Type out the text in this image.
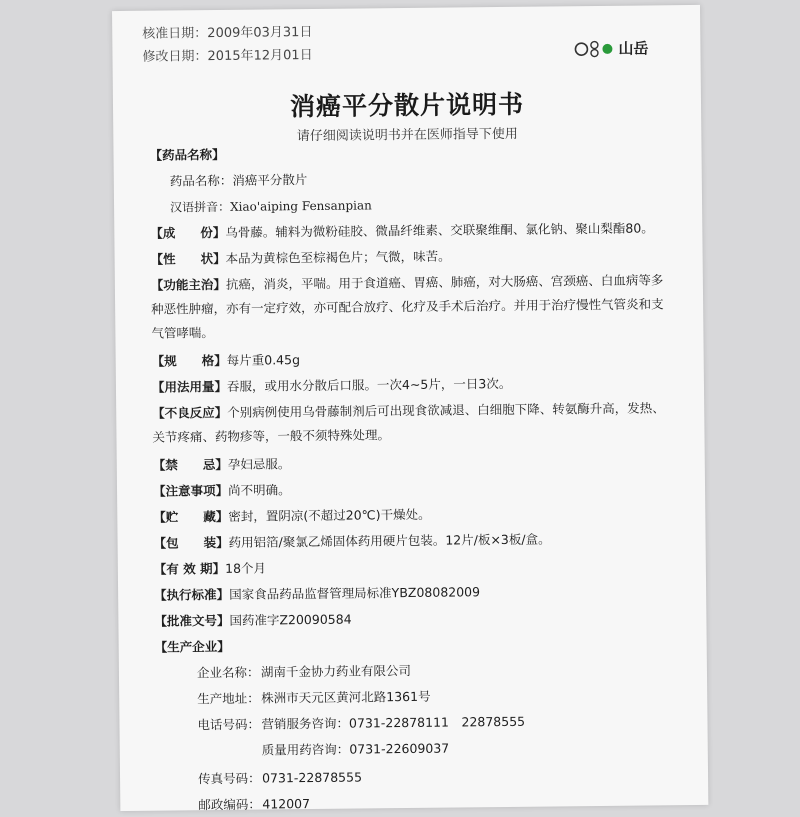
核准日期：2009年03月31日
修改日期：2015年12月01日	山岳
消癌平分散片说明书
请仔细阅读说明书并在医师指导下使用
【药品名称】
药品名称：消癌平分散片
汉语拼音：Xiao'aiping Fensanpian
【成　　份】乌骨藤。辅料为微粉硅胶、微晶纤维素、交联聚维酮、氯化钠、聚山梨酯80。
【性　　状】本品为黄棕色至棕褐色片；气微，味苦。
【功能主治】抗癌，消炎，平喘。用于食道癌、胃癌、肺癌，对大肠癌、宫颈癌、白血病等多
种恶性肿瘤，亦有一定疗效，亦可配合放疗、化疗及手术后治疗。并用于治疗慢性气管炎和支
气管哮喘。
【规　　格】每片重0.45g
【用法用量】吞服，或用水分散后口服。一次4~5片，一日3次。
【不良反应】个别病例使用乌骨藤制剂后可出现食欲减退、白细胞下降、转氨酶升高，发热、
关节疼痛、药物疹等，一般不须特殊处理。
【禁　　忌】孕妇忌服。
【注意事项】尚不明确。
【贮　　藏】密封，置阴凉(不超过20℃)干燥处。
【包　　装】药用铝箔/聚氯乙烯固体药用硬片包装。12片/板×3板/盒。
【有 效 期】18个月
【执行标准】国家食品药品监督管理局标准YBZ08082009
【批准文号】国药准字Z20090584
【生产企业】
企业名称：湖南千金协力药业有限公司
生产地址：株洲市天元区黄河北路1361号
电话号码：营销服务咨询：0731-22878111　22878555
质量用药咨询：0731-22609037
传真号码：0731-22878555
邮政编码：412007
